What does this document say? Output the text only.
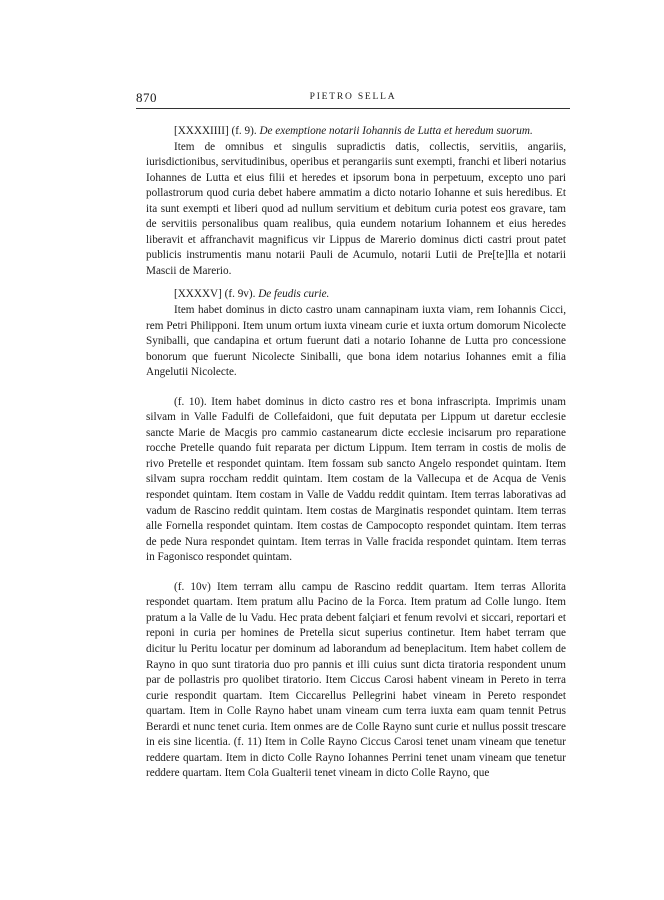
870	PIETRO SELLA

[XXXXIIII] (f. 9). De exemptione notarii Iohannis de Lutta et heredum suorum.

Item de omnibus et singulis supradictis datis, collectis, servitiis, angariis, iurisdictionibus, servitudinibus, operibus et perangariis sunt exempti, franchi et liberi notarius Iohannes de Lutta et eius filii et heredes et ipsorum bona in perpetuum, excepto uno pari pollastrorum quod curia debet habere ammatim a dicto notario Iohanne et suis heredibus. Et ita sunt exempti et liberi quod ad nullum servitium et debitum curia potest eos gravare, tam de servitiis personalibus quam realibus, quia eundem notarium Iohannem et eius heredes liberavit et affranchavit magnificus vir Lippus de Marerio dominus dicti castri prout patet publicis instrumentis manu notarii Pauli de Acumulo, notarii Lutii de Pre[te]lla et notarii Mascii de Marerio.

[XXXXV] (f. 9v). De feudis curie.

Item habet dominus in dicto castro unam cannapinam iuxta viam, rem Iohannis Cicci, rem Petri Philipponi. Item unum ortum iuxta vineam curie et iuxta ortum domorum Nicolecte Syniballi, que candapina et ortum fuerunt dati a notario Iohanne de Lutta pro concessione bonorum que fuerunt Nicolecte Siniballi, que bona idem notarius Iohannes emit a filia Angelutii Nicolecte.

(f. 10). Item habet dominus in dicto castro res et bona infrascripta. Imprimis unam silvam in Valle Fadulfi de Collefaidoni, que fuit deputata per Lippum ut daretur ecclesie sancte Marie de Macgis pro cammio castanearum dicte ecclesie incisarum pro reparatione rocche Pretelle quando fuit reparata per dictum Lippum. Item terram in costis de molis de rivo Pretelle et respondet quintam. Item fossam sub sancto Angelo respondet quintam. Item silvam supra roccham reddit quintam. Item costam de la Vallecupa et de Acqua de Venis respondet quintam. Item costam in Valle de Vaddu reddit quintam. Item terras laborativas ad vadum de Rascino reddit quintam. Item costas de Marginatis respondet quintam. Item terras alle Fornella respondet quintam. Item costas de Campocopto respondet quintam. Item terras de pede Nura respondet quintam. Item terras in Valle fracida respondet quintam. Item terras in Fagonisco respondet quintam.

(f. 10v) Item terram allu campu de Rascino reddit quartam. Item terras Allorita respondet quartam. Item pratum allu Pacino de la Forca. Item pratum ad Colle lungo. Item pratum a la Valle de lu Vadu. Hec prata debent falçiari et fenum revolvi et siccari, reportari et reponi in curia per homines de Pretella sicut superius continetur. Item habet terram que dicitur lu Peritu locatur per dominum ad laborandum ad beneplacitum. Item habet collem de Rayno in quo sunt tiratoria duo pro pannis et illi cuius sunt dicta tiratoria respondent unum par de pollastris pro quolibet tiratorio. Item Ciccus Carosi habent vineam in Pereto in terra curie respondit quartam. Item Ciccarellus Pellegrini habet vineam in Pereto respondet quartam. Item in Colle Rayno habet unam vineam cum terra iuxta eam quam tennit Petrus Berardi et nunc tenet curia. Item onmes are de Colle Rayno sunt curie et nullus possit trescare in eis sine licentia. (f. 11) Item in Colle Rayno Ciccus Carosi tenet unam vineam que tenetur reddere quartam. Item in dicto Colle Rayno Iohannes Perrini tenet unam vineam que tenetur reddere quartam. Item Cola Gualterii tenet vineam in dicto Colle Rayno, que
